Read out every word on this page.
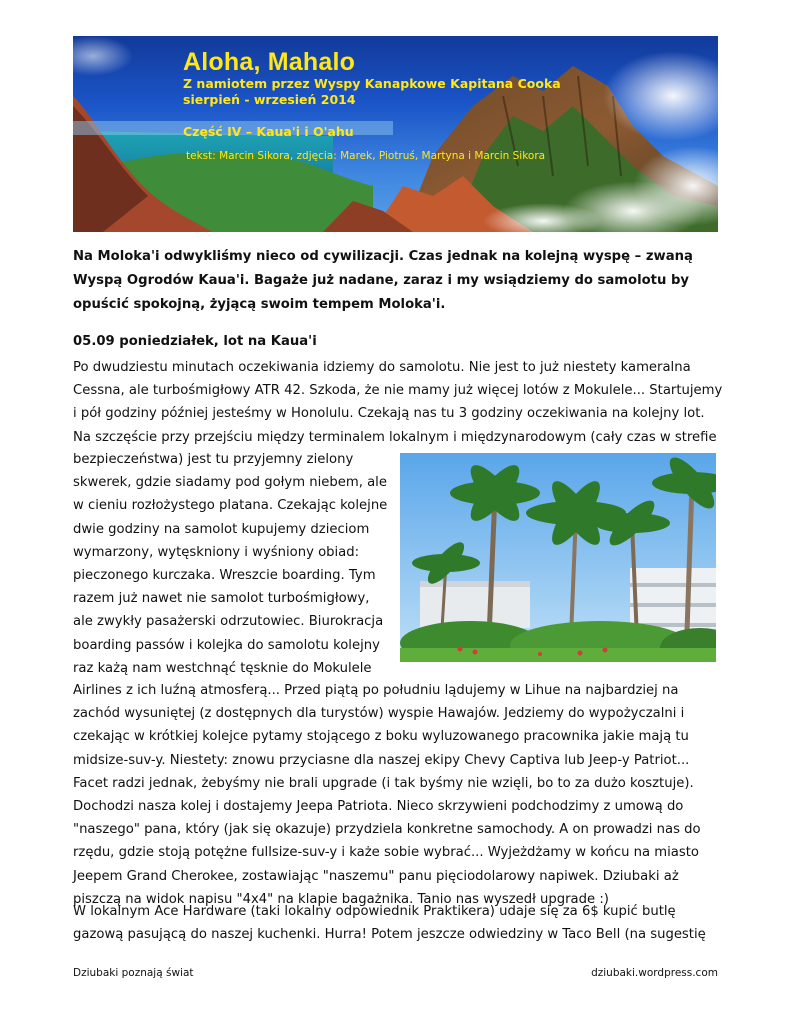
Aloha, Mahalo

Z namiotem przez Wyspy Kanapkowe Kapitana Cooka

sierpień - wrzesień 2014

Część IV – Kaua'i i O'ahu

tekst: Marcin Sikora, zdjęcia: Marek, Piotruś, Martyna i Marcin Sikora

Na Moloka'i odwykliśmy nieco od cywilizacji. Czas jednak na kolejną wyspę – zwaną Wyspą Ogrodów Kaua'i. Bagaże już nadane, zaraz i my wsiądziemy do samolotu by opuścić spokojną, żyjącą swoim tempem Moloka'i.

05.09 poniedziałek, lot na Kaua'i

Po dwudziestu minutach oczekiwania idziemy do samolotu. Nie jest to już niestety kameralna Cessna, ale turbośmigłowy ATR 42. Szkoda, że nie mamy już więcej lotów z Mokulele... Startujemy i pół godziny później jesteśmy w Honolulu. Czekają nas tu 3 godziny oczekiwania na kolejny lot. Na szczęście przy przejściu między terminalem lokalnym i międzynarodowym (cały czas w strefie

bezpieczeństwa) jest tu przyjemny zielony skwerek, gdzie siadamy pod gołym niebem, ale w cieniu rozłożystego platana. Czekając kolejne dwie godziny na samolot kupujemy dzieciom wymarzony, wytęskniony i wyśniony obiad: pieczonego kurczaka. Wreszcie boarding. Tym razem już nawet nie samolot turbośmigłowy, ale zwykły pasażerski odrzutowiec. Biurokracja boarding passów i kolejka do samolotu kolejny raz każą nam westchnąć tęsknie do Mokulele

Airlines z ich luźną atmosferą... Przed piątą po południu lądujemy w Lihue na najbardziej na zachód wysuniętej (z dostępnych dla turystów) wyspie Hawajów. Jedziemy do wypożyczalni i czekając w krótkiej kolejce pytamy stojącego z boku wyluzowanego pracownika jakie mają tu midsize-suv-y. Niestety: znowu przyciasne dla naszej ekipy Chevy Captiva lub Jeep-y Patriot... Facet radzi jednak, żebyśmy nie brali upgrade (i tak byśmy nie wzięli, bo to za dużo kosztuje). Dochodzi nasza kolej i dostajemy Jeepa Patriota. Nieco skrzywieni podchodzimy z umową do "naszego" pana, który (jak się okazuje) przydziela konkretne samochody. A on prowadzi nas do rzędu, gdzie stoją potężne fullsize-suv-y i każe sobie wybrać... Wyjeżdżamy w końcu na miasto Jeepem Grand Cherokee, zostawiając "naszemu" panu pięciodolarowy napiwek. Dziubaki aż piszczą na widok napisu "4x4" na klapie bagażnika. Tanio nas wyszedł upgrade :)

W lokalnym Ace Hardware (taki lokalny odpowiednik Praktikera) udaje się za 6$ kupić butlę gazową pasującą do naszej kuchenki. Hurra! Potem jeszcze odwiedziny w Taco Bell (na sugestię

Dziubaki poznają świat	dziubaki.wordpress.com
